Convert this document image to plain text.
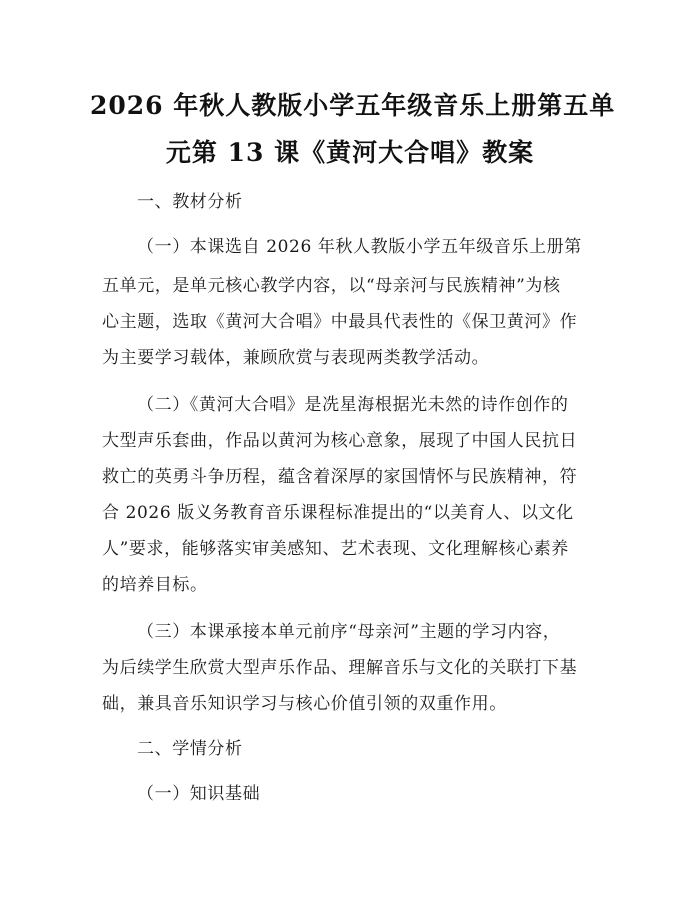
2026 年秋人教版小学五年级音乐上册第五单
元第 13 课《黄河大合唱》教案
一、教材分析
（一）本课选自 2026 年秋人教版小学五年级音乐上册第
五单元，是单元核心教学内容，以“母亲河与民族精神”为核
心主题，选取《黄河大合唱》中最具代表性的《保卫黄河》作
为主要学习载体，兼顾欣赏与表现两类教学活动。
（二）《黄河大合唱》是冼星海根据光未然的诗作创作的
大型声乐套曲，作品以黄河为核心意象，展现了中国人民抗日
救亡的英勇斗争历程，蕴含着深厚的家国情怀与民族精神，符
合 2026 版义务教育音乐课程标准提出的“以美育人、以文化
人”要求，能够落实审美感知、艺术表现、文化理解核心素养
的培养目标。
（三）本课承接本单元前序“母亲河”主题的学习内容，
为后续学生欣赏大型声乐作品、理解音乐与文化的关联打下基
础，兼具音乐知识学习与核心价值引领的双重作用。
二、学情分析
（一）知识基础
